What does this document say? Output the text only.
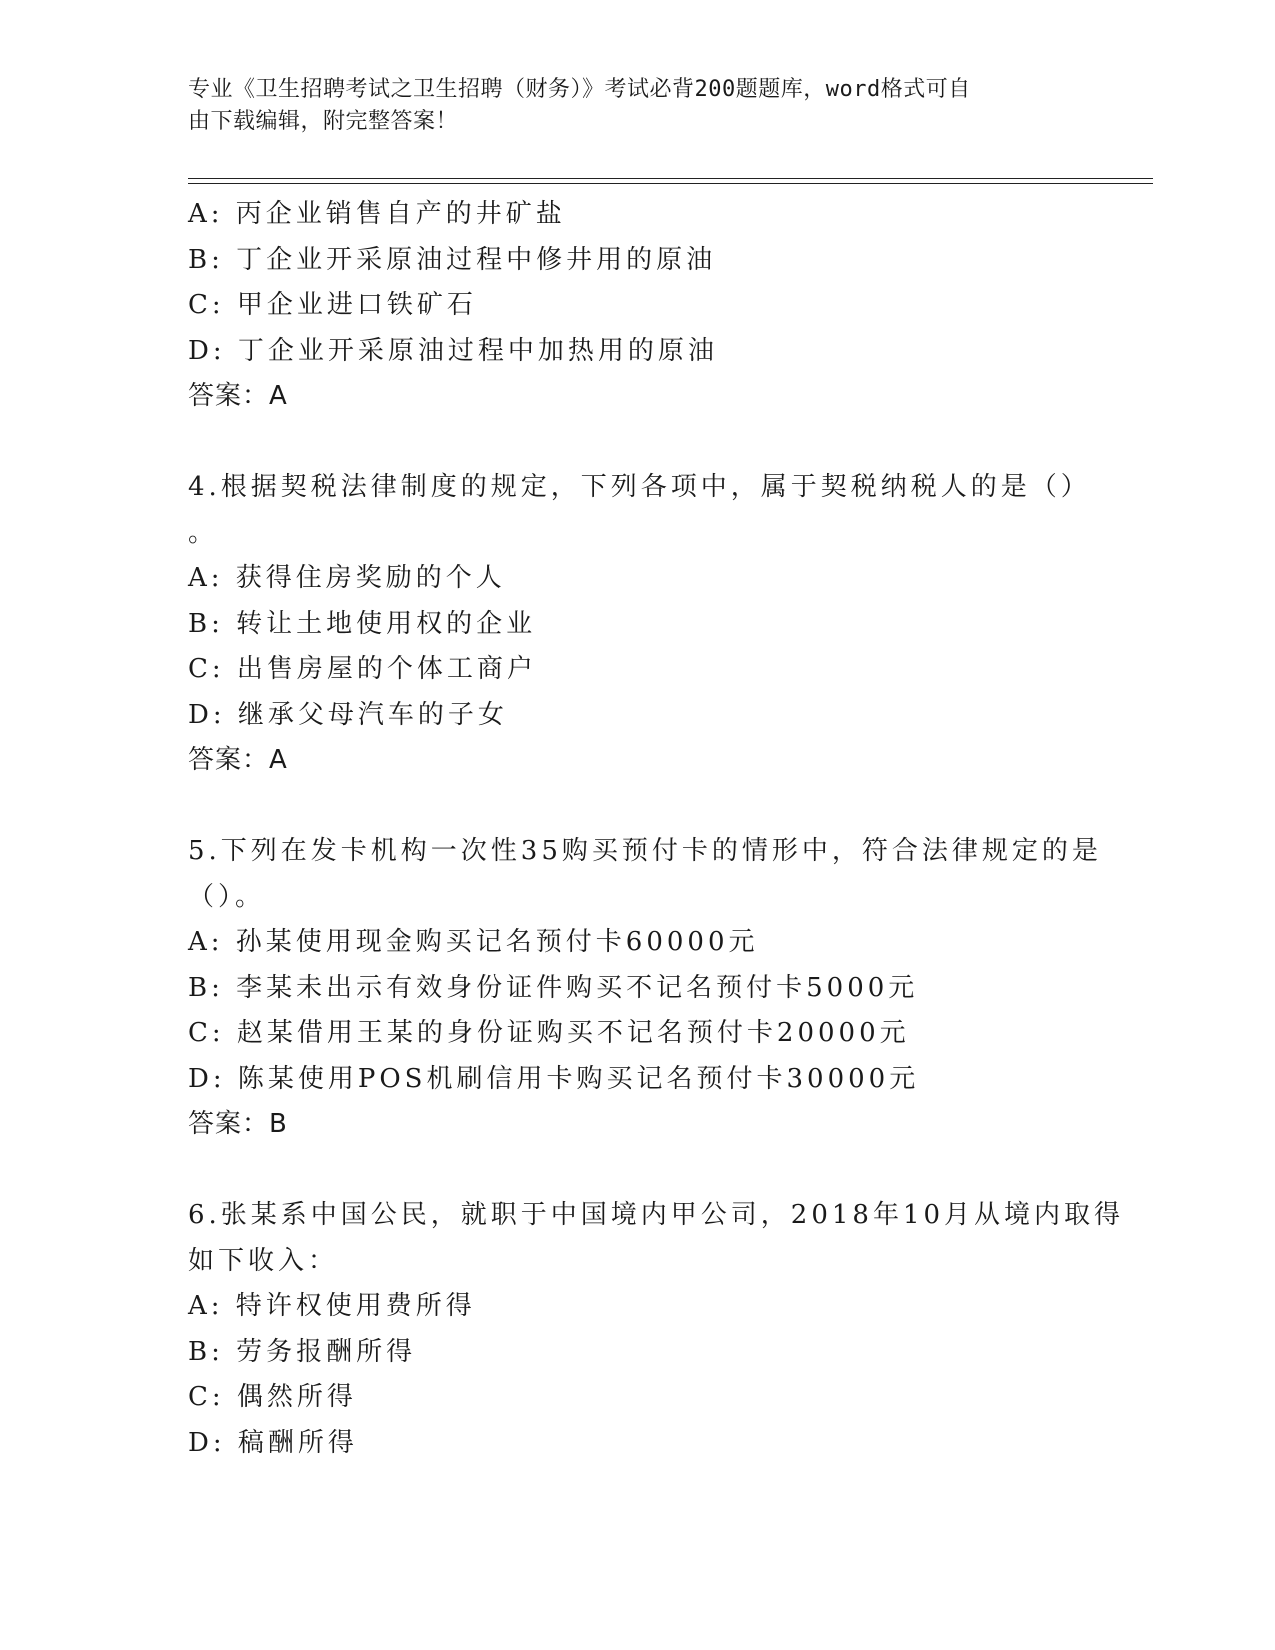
专业《卫生招聘考试之卫生招聘（财务）》考试必背200题题库，word格式可自
由下载编辑，附完整答案！
A: 丙企业销售自产的井矿盐
B: 丁企业开采原油过程中修井用的原油
C: 甲企业进口铁矿石
D: 丁企业开采原油过程中加热用的原油
答案：A
4.根据契税法律制度的规定，下列各项中，属于契税纳税人的是（）
。
A: 获得住房奖励的个人
B: 转让土地使用权的企业
C: 出售房屋的个体工商户
D: 继承父母汽车的子女
答案：A
5.下列在发卡机构一次性35购买预付卡的情形中，符合法律规定的是
（）。
A: 孙某使用现金购买记名预付卡60000元
B: 李某未出示有效身份证件购买不记名预付卡5000元
C: 赵某借用王某的身份证购买不记名预付卡20000元
D: 陈某使用POS机刷信用卡购买记名预付卡30000元
答案：B
6.张某系中国公民，就职于中国境内甲公司，2018年10月从境内取得
如下收入：
A: 特许权使用费所得
B: 劳务报酬所得
C: 偶然所得
D: 稿酬所得
